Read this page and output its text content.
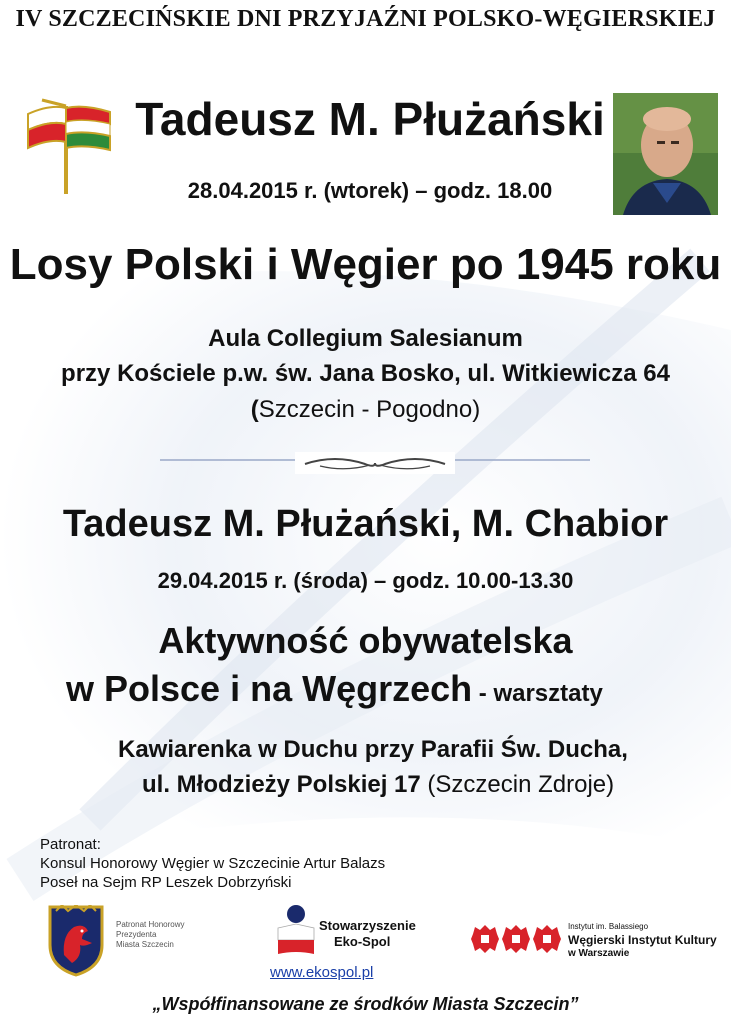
IV SZCZECIŃSKIE DNI PRZYJAŹNI POLSKO-WĘGIERSKIEJ
Tadeusz M. Płużański
28.04.2015 r. (wtorek) – godz. 18.00
Losy Polski i Węgier po 1945 roku
Aula Collegium Salesianum
przy Kościele p.w. św. Jana Bosko, ul. Witkiewicza 64
(Szczecin - Pogodno)
Tadeusz M. Płużański, M. Chabior
29.04.2015 r. (środa) – godz. 10.00-13.30
Aktywność obywatelska
w Polsce i na Węgrzech - warsztaty
Kawiarenka w Duchu przy Parafii Św. Ducha,
ul. Młodzieży Polskiej 17 (Szczecin Zdroje)
Patronat:
Konsul Honorowy Węgier w Szczecinie Artur Balazs
Poseł na Sejm RP Leszek Dobrzyński
Patronat Honorowy
Prezydenta
Miasta Szczecin
Stowarzyszenie
Eko-Spol
www.ekospol.pl
Instytut im. Balassiego
Węgierski Instytut Kultury
w Warszawie
„Współfinansowane ze środków Miasta Szczecin”
